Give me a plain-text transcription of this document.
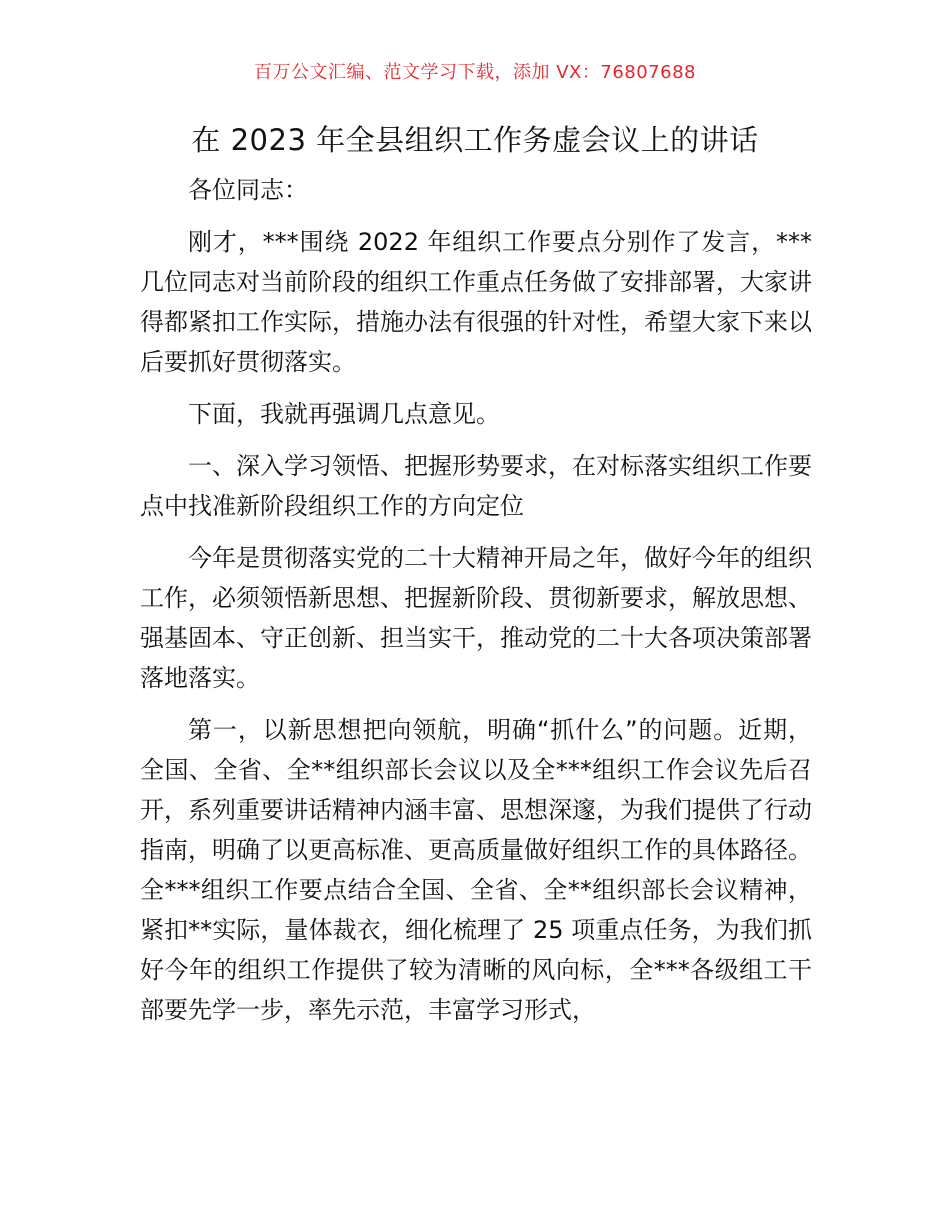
百万公文汇编、范文学习下载，添加 VX：76807688
在 2023 年全县组织工作务虚会议上的讲话

各位同志：

刚才，***围绕 2022 年组织工作要点分别作了发言，***几位同志对当前阶段的组织工作重点任务做了安排部署，大家讲得都紧扣工作实际，措施办法有很强的针对性，希望大家下来以后要抓好贯彻落实。

下面，我就再强调几点意见。

一、深入学习领悟、把握形势要求，在对标落实组织工作要点中找准新阶段组织工作的方向定位

今年是贯彻落实党的二十大精神开局之年，做好今年的组织工作，必须领悟新思想、把握新阶段、贯彻新要求，解放思想、强基固本、守正创新、担当实干，推动党的二十大各项决策部署落地落实。

第一，以新思想把向领航，明确“抓什么”的问题。近期，全国、全省、全**组织部长会议以及全***组织工作会议先后召开，系列重要讲话精神内涵丰富、思想深邃，为我们提供了行动指南，明确了以更高标准、更高质量做好组织工作的具体路径。全***组织工作要点结合全国、全省、全**组织部长会议精神，紧扣**实际，量体裁衣，细化梳理了 25 项重点任务，为我们抓好今年的组织工作提供了较为清晰的风向标，全***各级组工干部要先学一步，率先示范，丰富学习形式，
